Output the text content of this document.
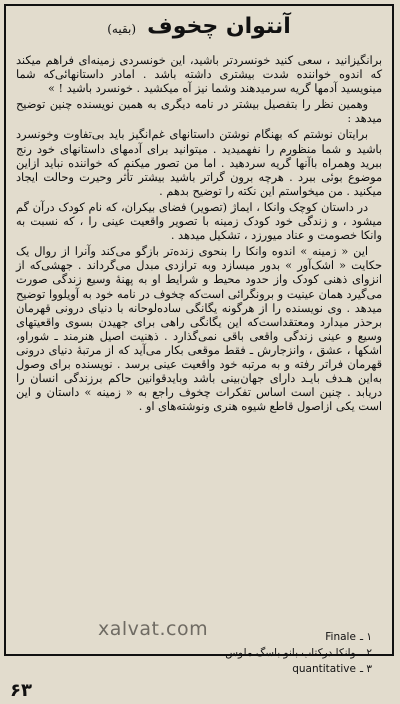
آنتوان چخوف (بقیه)

برانگیزانید ، سعی کنید خونسردتر باشید، این خونسردی زمینه‌ای فراهم میکند که اندوه خواننده شدت بیشتری داشته باشد . امادر داستانهائی‌که شما مینویسید آدمها گریه سرمیدهند وشما نیز آه میکشید . خونسرد باشید ! »

وهمین نظر را بتفصیل بیشتر در نامه دیگری به همین نویسنده چنین توضیح میدهد :

برایتان نوشتم که بهنگام نوشتن داستانهای غم‌انگیز باید بی‌تفاوت وخونسرد باشید و شما منظورم را نفهمیدید . میتوانید برای آدمهای داستانهای خود رنج ببرید وهمراه باآنها گریه سردهید . اما من تصور میکنم که خواننده نباید ازاین موضوع بوئی ببرد . هرچه برون گراتر باشید بیشتر تأثر وحیرت وحالت ایجاد میکنید . من میخواستم این نکته را توضیح بدهم .

در داستان کوچک وانکا ، ایماژ (تصویر) فضای بیکران، که نام کودک درآن گم میشود ، و زندگی خود کودک زمینه با تصویر واقعیت عینی را ، که نسبت به وانکا خصومت و عناد میورزد ، تشکیل میدهد .

این « زمینه » اندوه وانکا را بنحوی زنده‌تر بازگو می‌کند وآنرا از روال یک حکایت « اشک‌آور » بدور میسازد وبه ترازدی مبدل می‌گرداند . جهشی‌که از انزوای ذهنی کودک واز حدود محیط و شرایط او به پهنهٔ وسیع زندگی صورت می‌گیرد همان عینیت و برونگرائی است‌که چخوف در نامه خود به آویلووا توضیح میدهد . وی نویسنده را از هرگونه یگانگی ساده‌لوحانه با دنیای درونی قهرمان برحذر میدارد ومعتقداست‌که این یگانگی راهی برای جهیدن بسوی واقعیتهای وسیع و عینی زندگی واقعی باقی نمی‌گذارد . ذهنیت اصیل هنرمند ـ شوراو، اشکها ، عشق ، وانزجارش ـ فقط موقعی بکار می‌آید که از مرتبهٔ دنیای درونی قهرمان فراتر رفته و به مرتبه خود واقعیت عینی برسد . نویسنده برای وصول به‌این هـدف بایـد دارای جهان‌بینی باشد وبایدقوانین حاکم برزندگی انسان را دریابد . چنین است اساس تفکرات چخوف راجع به « زمینه » داستان و این است یکی ازاصول قاطع شیوه هنری ونوشته‌های او .

xalvat.com	۱ ـFinale
۲ ـوانکا درکتاب بانو باسگ ملوس .
۳ ـquantitative
۶۳
